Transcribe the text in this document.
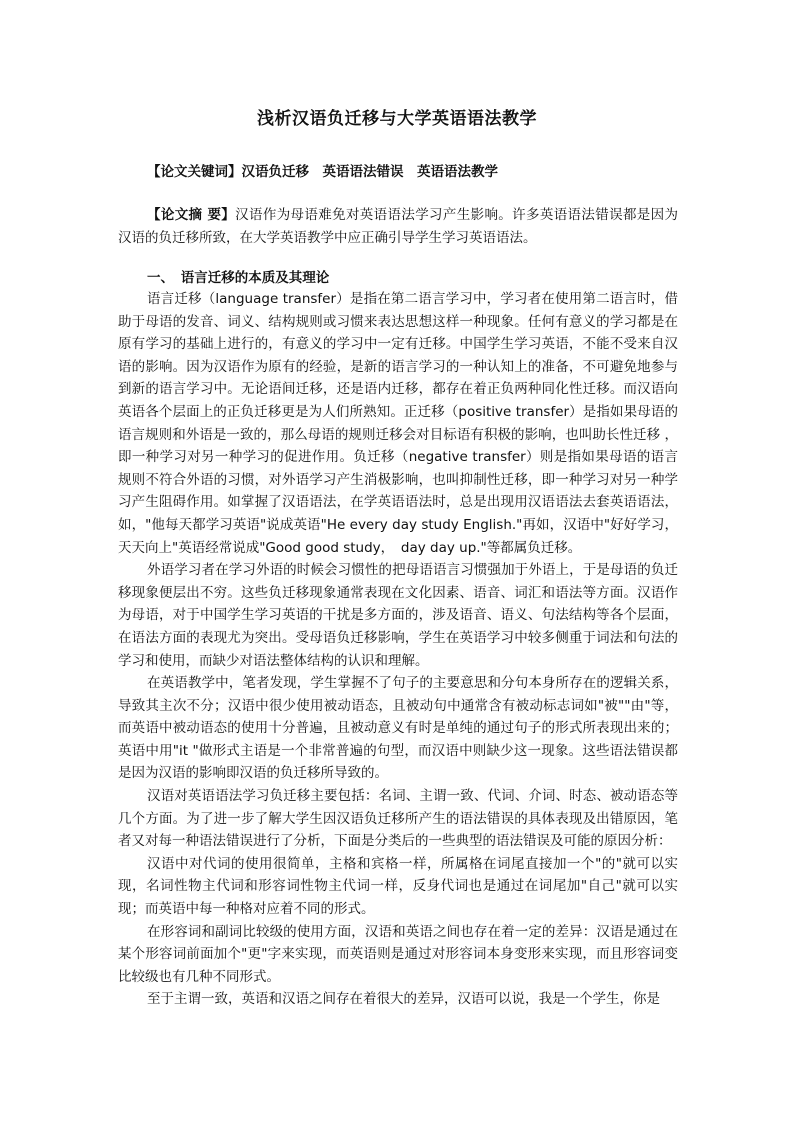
浅析汉语负迁移与大学英语语法教学
【论文关键词】汉语负迁移　英语语法错误　英语语法教学
【论文摘 要】汉语作为母语难免对英语语法学习产生影响。许多英语语法错误都是因为汉语的负迁移所致，在大学英语教学中应正确引导学生学习英语语法。
一、　语言迁移的本质及其理论

语言迁移（language transfer）是指在第二语言学习中，学习者在使用第二语言时，借助于母语的发音、词义、结构规则或习惯来表达思想这样一种现象。任何有意义的学习都是在原有学习的基础上进行的，有意义的学习中一定有迁移。中国学生学习英语，不能不受来自汉语的影响。因为汉语作为原有的经验，是新的语言学习的一种认知上的准备，不可避免地参与到新的语言学习中。无论语间迁移，还是语内迁移，都存在着正负两种同化性迁移。而汉语向英语各个层面上的正负迁移更是为人们所熟知。正迁移（positive transfer）是指如果母语的语言规则和外语是一致的，那么母语的规则迁移会对目标语有积极的影响，也叫助长性迁移 ，即一种学习对另一种学习的促进作用。负迁移（negative transfer）则是指如果母语的语言规则不符合外语的习惯，对外语学习产生消极影响，也叫抑制性迁移，即一种学习对另一种学习产生阻碍作用。如掌握了汉语语法，在学英语语法时，总是出现用汉语语法去套英语语法，如，"他每天都学习英语"说成英语"He every day study English."再如，汉语中"好好学习，天天向上"英语经常说成"Good good study，　day day up."等都属负迁移。

外语学习者在学习外语的时候会习惯性的把母语语言习惯强加于外语上，于是母语的负迁移现象便层出不穷。这些负迁移现象通常表现在文化因素、语音、词汇和语法等方面。汉语作为母语，对于中国学生学习英语的干扰是多方面的，涉及语音、语义、句法结构等各个层面，在语法方面的表现尤为突出。受母语负迁移影响，学生在英语学习中较多侧重于词法和句法的学习和使用，而缺少对语法整体结构的认识和理解。

在英语教学中，笔者发现，学生掌握不了句子的主要意思和分句本身所存在的逻辑关系，导致其主次不分；汉语中很少使用被动语态，且被动句中通常含有被动标志词如"被""由"等，而英语中被动语态的使用十分普遍，且被动意义有时是单纯的通过句子的形式所表现出来的；英语中用"it "做形式主语是一个非常普遍的句型，而汉语中则缺少这一现象。这些语法错误都是因为汉语的影响即汉语的负迁移所导致的。

汉语对英语语法学习负迁移主要包括：名词、主谓一致、代词、介词、时态、被动语态等几个方面。为了进一步了解大学生因汉语负迁移所产生的语法错误的具体表现及出错原因，笔者又对每一种语法错误进行了分析，下面是分类后的一些典型的语法错误及可能的原因分析：

汉语中对代词的使用很简单，主格和宾格一样，所属格在词尾直接加一个"的"就可以实现，名词性物主代词和形容词性物主代词一样，反身代词也是通过在词尾加"自己"就可以实现；而英语中每一种格对应着不同的形式。

在形容词和副词比较级的使用方面，汉语和英语之间也存在着一定的差异：汉语是通过在某个形容词前面加个"更"字来实现，而英语则是通过对形容词本身变形来实现，而且形容词变比较级也有几种不同形式。

至于主谓一致，英语和汉语之间存在着很大的差异，汉语可以说，我是一个学生，你是
